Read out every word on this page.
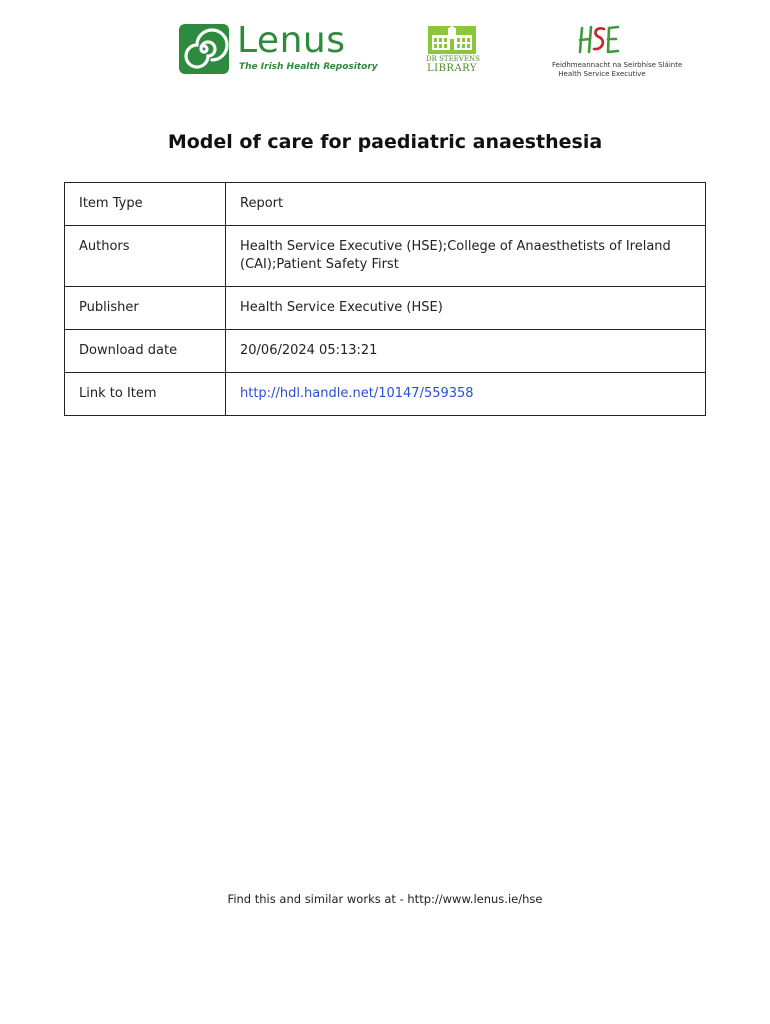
Lenus
The Irish Health Repository
DR STEEVENS
LIBRARY	Feidhmeannacht na Seirbhíse Sláinte
Health Service Executive
Model of care for paediatric anaesthesia
Item Type	Report
Authors	Health Service Executive (HSE);College of Anaesthetists of Ireland (CAI);Patient Safety First
Publisher	Health Service Executive (HSE)
Download date	20/06/2024 05:13:21
Link to Item	http://hdl.handle.net/10147/559358
Find this and similar works at - http://www.lenus.ie/hse
